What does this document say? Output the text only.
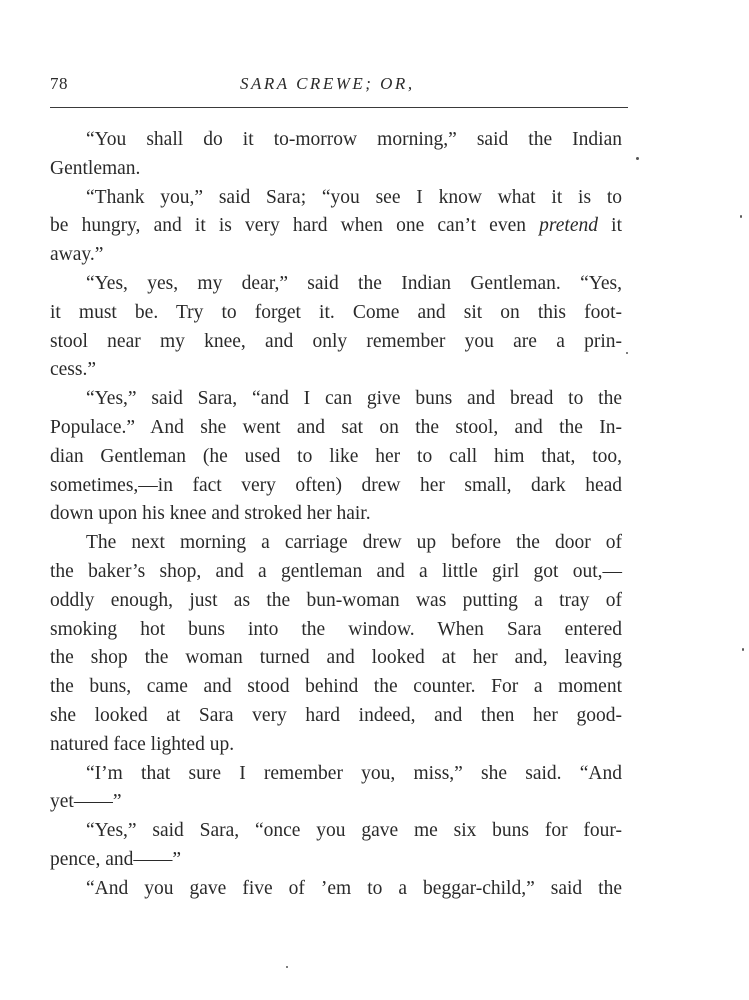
78	SARA CREWE; OR,
“You shall do it to-morrow morning,” said the Indian
Gentleman.
“Thank you,” said Sara; “you see I know what it is to
be hungry, and it is very hard when one can’t even pretend it
away.”
“Yes, yes, my dear,” said the Indian Gentleman. “Yes,
it must be. Try to forget it. Come and sit on this foot-
stool near my knee, and only remember you are a prin-
cess.”
“Yes,” said Sara, “and I can give buns and bread to the
Populace.” And she went and sat on the stool, and the In-
dian Gentleman (he used to like her to call him that, too,
sometimes,—in fact very often) drew her small, dark head
down upon his knee and stroked her hair.
The next morning a carriage drew up before the door of
the baker’s shop, and a gentleman and a little girl got out,—
oddly enough, just as the bun-woman was putting a tray of
smoking hot buns into the window. When Sara entered
the shop the woman turned and looked at her and, leaving
the buns, came and stood behind the counter. For a moment
she looked at Sara very hard indeed, and then her good-
natured face lighted up.
“I’m that sure I remember you, miss,” she said. “And
yet——”
“Yes,” said Sara, “once you gave me six buns for four-
pence, and——”
“And you gave five of ’em to a beggar-child,” said the
